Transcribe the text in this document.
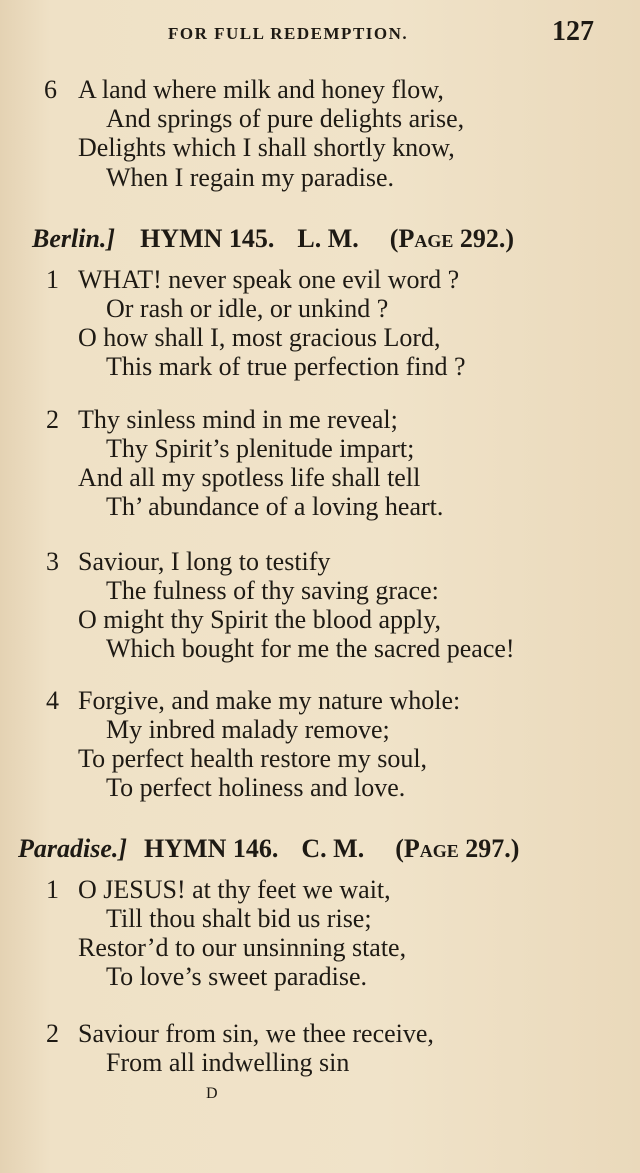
FOR FULL REDEMPTION.	127
6 A land where milk and honey flow,
And springs of pure delights arise,
Delights which I shall shortly know,
When I regain my paradise.
Berlin.] HYMN 145. L. M. (Page 292.)
1 WHAT! never speak one evil word ?
Or rash or idle, or unkind ?
O how shall I, most gracious Lord,
This mark of true perfection find ?
2 Thy sinless mind in me reveal;
Thy Spirit’s plenitude impart;
And all my spotless life shall tell
Th’ abundance of a loving heart.
3 Saviour, I long to testify
The fulness of thy saving grace:
O might thy Spirit the blood apply,
Which bought for me the sacred peace!
4 Forgive, and make my nature whole:
My inbred malady remove;
To perfect health restore my soul,
To perfect holiness and love.
Paradise.] HYMN 146. C. M. (Page 297.)
1 O JESUS! at thy feet we wait,
Till thou shalt bid us rise;
Restor’d to our unsinning state,
To love’s sweet paradise.
2 Saviour from sin, we thee receive,
From all indwelling sin
D
